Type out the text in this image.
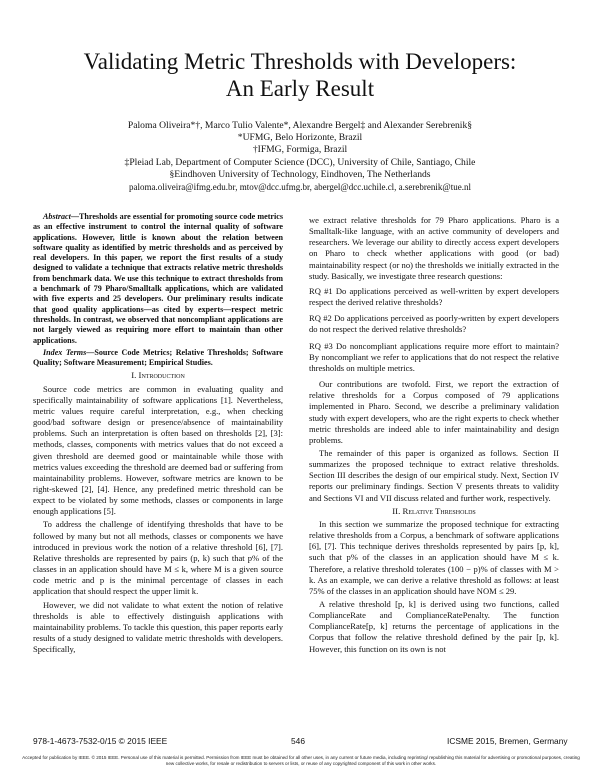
Validating Metric Thresholds with Developers:
An Early Result
Paloma Oliveira*†, Marco Tulio Valente*, Alexandre Bergel‡ and Alexander Serebrenik§
*UFMG, Belo Horizonte, Brazil
†IFMG, Formiga, Brazil
‡Pleiad Lab, Department of Computer Science (DCC), University of Chile, Santiago, Chile
§Eindhoven University of Technology, Eindhoven, The Netherlands
paloma.oliveira@ifmg.edu.br, mtov@dcc.ufmg.br, abergel@dcc.uchile.cl, a.serebrenik@tue.nl

Abstract—Thresholds are essential for promoting source code metrics as an effective instrument to control the internal quality of software applications. However, little is known about the relation between software quality as identified by metric thresholds and as perceived by real developers. In this paper, we report the first results of a study designed to validate a technique that extracts relative metric thresholds from benchmark data. We use this technique to extract thresholds from a benchmark of 79 Pharo/Smalltalk applications, which are validated with five experts and 25 developers. Our preliminary results indicate that good quality applications—as cited by experts—respect metric thresholds. In contrast, we observed that noncompliant applications are not largely viewed as requiring more effort to maintain than other applications.

Index Terms—Source Code Metrics; Relative Thresholds; Software Quality; Software Measurement; Empirical Studies.

I. Introduction

Source code metrics are common in evaluating quality and specifically maintainability of software applications [1]. Nevertheless, metric values require careful interpretation, e.g., when checking good/bad software design or presence/absence of maintainability problems. Such an interpretation is often based on thresholds [2], [3]: methods, classes, components with metrics values that do not exceed a given threshold are deemed good or maintainable while those with metrics values exceeding the threshold are deemed bad or suffering from maintainability problems. However, software metrics are known to be right-skewed [2], [4]. Hence, any predefined metric threshold can be expect to be violated by some methods, classes or components in large enough applications [5].

To address the challenge of identifying thresholds that have to be followed by many but not all methods, classes or components we have introduced in previous work the notion of a relative threshold [6], [7]. Relative thresholds are represented by pairs (p, k) such that p% of the classes in an application should have M ≤ k, where M is a given source code metric and p is the minimal percentage of classes in each application that should respect the upper limit k.

However, we did not validate to what extent the notion of relative thresholds is able to effectively distinguish applications with maintainability problems. To tackle this question, this paper reports early results of a study designed to validate metric thresholds with developers. Specifically,

we extract relative thresholds for 79 Pharo applications. Pharo is a Smalltalk-like language, with an active community of developers and researchers. We leverage our ability to directly access expert developers on Pharo to check whether applications with good (or bad) maintainability respect (or no) the thresholds we initially extracted in the study. Basically, we investigate three research questions:

RQ #1 Do applications perceived as well-written by expert developers respect the derived relative thresholds?

RQ #2 Do applications perceived as poorly-written by expert developers do not respect the derived relative thresholds?

RQ #3 Do noncompliant applications require more effort to maintain? By noncompliant we refer to applications that do not respect the relative thresholds on multiple metrics.

Our contributions are twofold. First, we report the extraction of relative thresholds for a Corpus composed of 79 applications implemented in Pharo. Second, we describe a preliminary validation study with expert developers, who are the right experts to check whether metric thresholds are indeed able to infer maintainability and design problems.

The remainder of this paper is organized as follows. Section II summarizes the proposed technique to extract relative thresholds. Section III describes the design of our empirical study. Next, Section IV reports our preliminary findings. Section V presents threats to validity and Sections VI and VII discuss related and further work, respectively.

II. Relative Thresholds

In this section we summarize the proposed technique for extracting relative thresholds from a Corpus, a benchmark of software applications [6], [7]. This technique derives thresholds represented by pairs [p, k], such that p% of the classes in an application should have M ≤ k. Therefore, a relative threshold tolerates (100 − p)% of classes with M > k. As an example, we can derive a relative threshold as follows: at least 75% of the classes in an application should have NOM ≤ 29.

A relative threshold [p, k] is derived using two functions, called ComplianceRate and ComplianceRatePenalty. The function ComplianceRate[p, k] returns the percentage of applications in the Corpus that follow the relative threshold defined by the pair [p, k]. However, this function on its own is not

978-1-4673-7532-0/15 © 2015 IEEE	546	ICSME 2015, Bremen, Germany
Accepted for publication by IEEE. © 2015 IEEE. Personal use of this material is permitted. Permission from IEEE must be obtained for all other uses, in any current or future media, including reprinting/ republishing this material for advertising or promotional purposes, creating new collective works, for resale or redistribution to servers or lists, or reuse of any copyrighted component of this work in other works.
